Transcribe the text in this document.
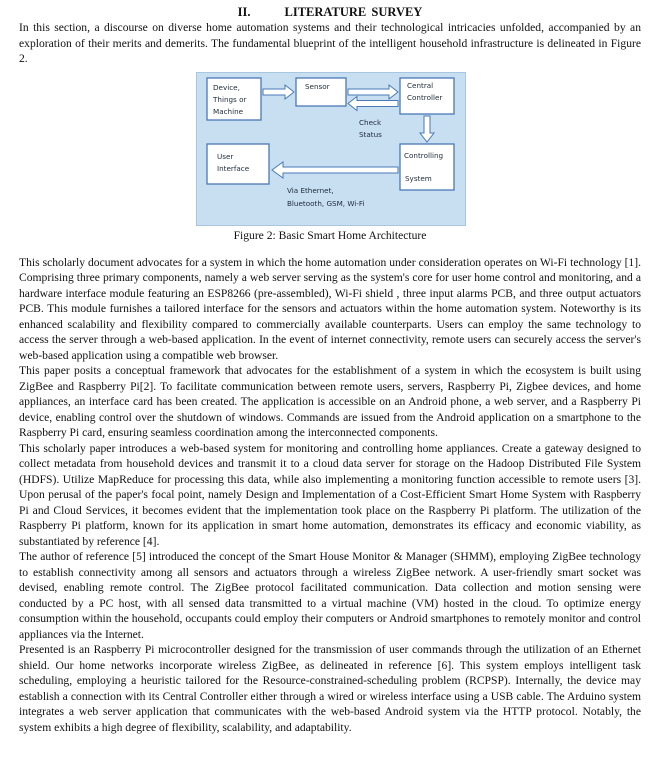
II.	LITERATURE SURVEY

In this section, a discourse on diverse home automation systems and their technological intricacies unfolded, accompanied by an exploration of their merits and demerits. The fundamental blueprint of the intelligent household infrastructure is delineated in Figure 2.

Device,
Things or
Machine
Sensor	Central
Controller
Controlling
System
User
Interface
Check
Status
Via Ethernet,
Bluetooth, GSM, Wi-Fi
Figure 2: Basic Smart Home Architecture

This scholarly document advocates for a system in which the home automation under consideration operates on Wi-Fi technology [1]. Comprising three primary components, namely a web server serving as the system's core for user home control and monitoring, and a hardware interface module featuring an ESP8266 (pre-assembled), Wi-Fi shield , three input alarms PCB, and three output actuators PCB. This module furnishes a tailored interface for the sensors and actuators within the home automation system. Noteworthy is its enhanced scalability and flexibility compared to commercially available counterparts. Users can employ the same technology to access the server through a web-based application. In the event of internet connectivity, remote users can securely access the server's web-based application using a compatible web browser.

This paper posits a conceptual framework that advocates for the establishment of a system in which the ecosystem is built using ZigBee and Raspberry Pi[2]. To facilitate communication between remote users, servers, Raspberry Pi, Zigbee devices, and home appliances, an interface card has been created. The application is accessible on an Android phone, a web server, and a Raspberry Pi device, enabling control over the shutdown of windows. Commands are issued from the Android application on a smartphone to the Raspberry Pi card, ensuring seamless coordination among the interconnected components.

This scholarly paper introduces a web-based system for monitoring and controlling home appliances. Create a gateway designed to collect metadata from household devices and transmit it to a cloud data server for storage on the Hadoop Distributed File System (HDFS). Utilize MapReduce for processing this data, while also implementing a monitoring function accessible to remote users [3]. Upon perusal of the paper's focal point, namely Design and Implementation of a Cost-Efficient Smart Home System with Raspberry Pi and Cloud Services, it becomes evident that the implementation took place on the Raspberry Pi platform. The utilization of the Raspberry Pi platform, known for its application in smart home automation, demonstrates its efficacy and economic viability, as substantiated by reference [4].

The author of reference [5] introduced the concept of the Smart House Monitor & Manager (SHMM), employing ZigBee technology to establish connectivity among all sensors and actuators through a wireless ZigBee network. A user-friendly smart socket was devised, enabling remote control. The ZigBee protocol facilitated communication. Data collection and motion sensing were conducted by a PC host, with all sensed data transmitted to a virtual machine (VM) hosted in the cloud. To optimize energy consumption within the household, occupants could employ their computers or Android smartphones to remotely monitor and control appliances via the Internet.

Presented is an Raspberry Pi microcontroller designed for the transmission of user commands through the utilization of an Ethernet shield. Our home networks incorporate wireless ZigBee, as delineated in reference [6]. This system employs intelligent task scheduling, employing a heuristic tailored for the Resource-constrained-scheduling problem (RCPSP). Internally, the device may establish a connection with its Central Controller either through a wired or wireless interface using a USB cable. The Arduino system integrates a web server application that communicates with the web-based Android system via the HTTP protocol. Notably, the system exhibits a high degree of flexibility, scalability, and adaptability.
